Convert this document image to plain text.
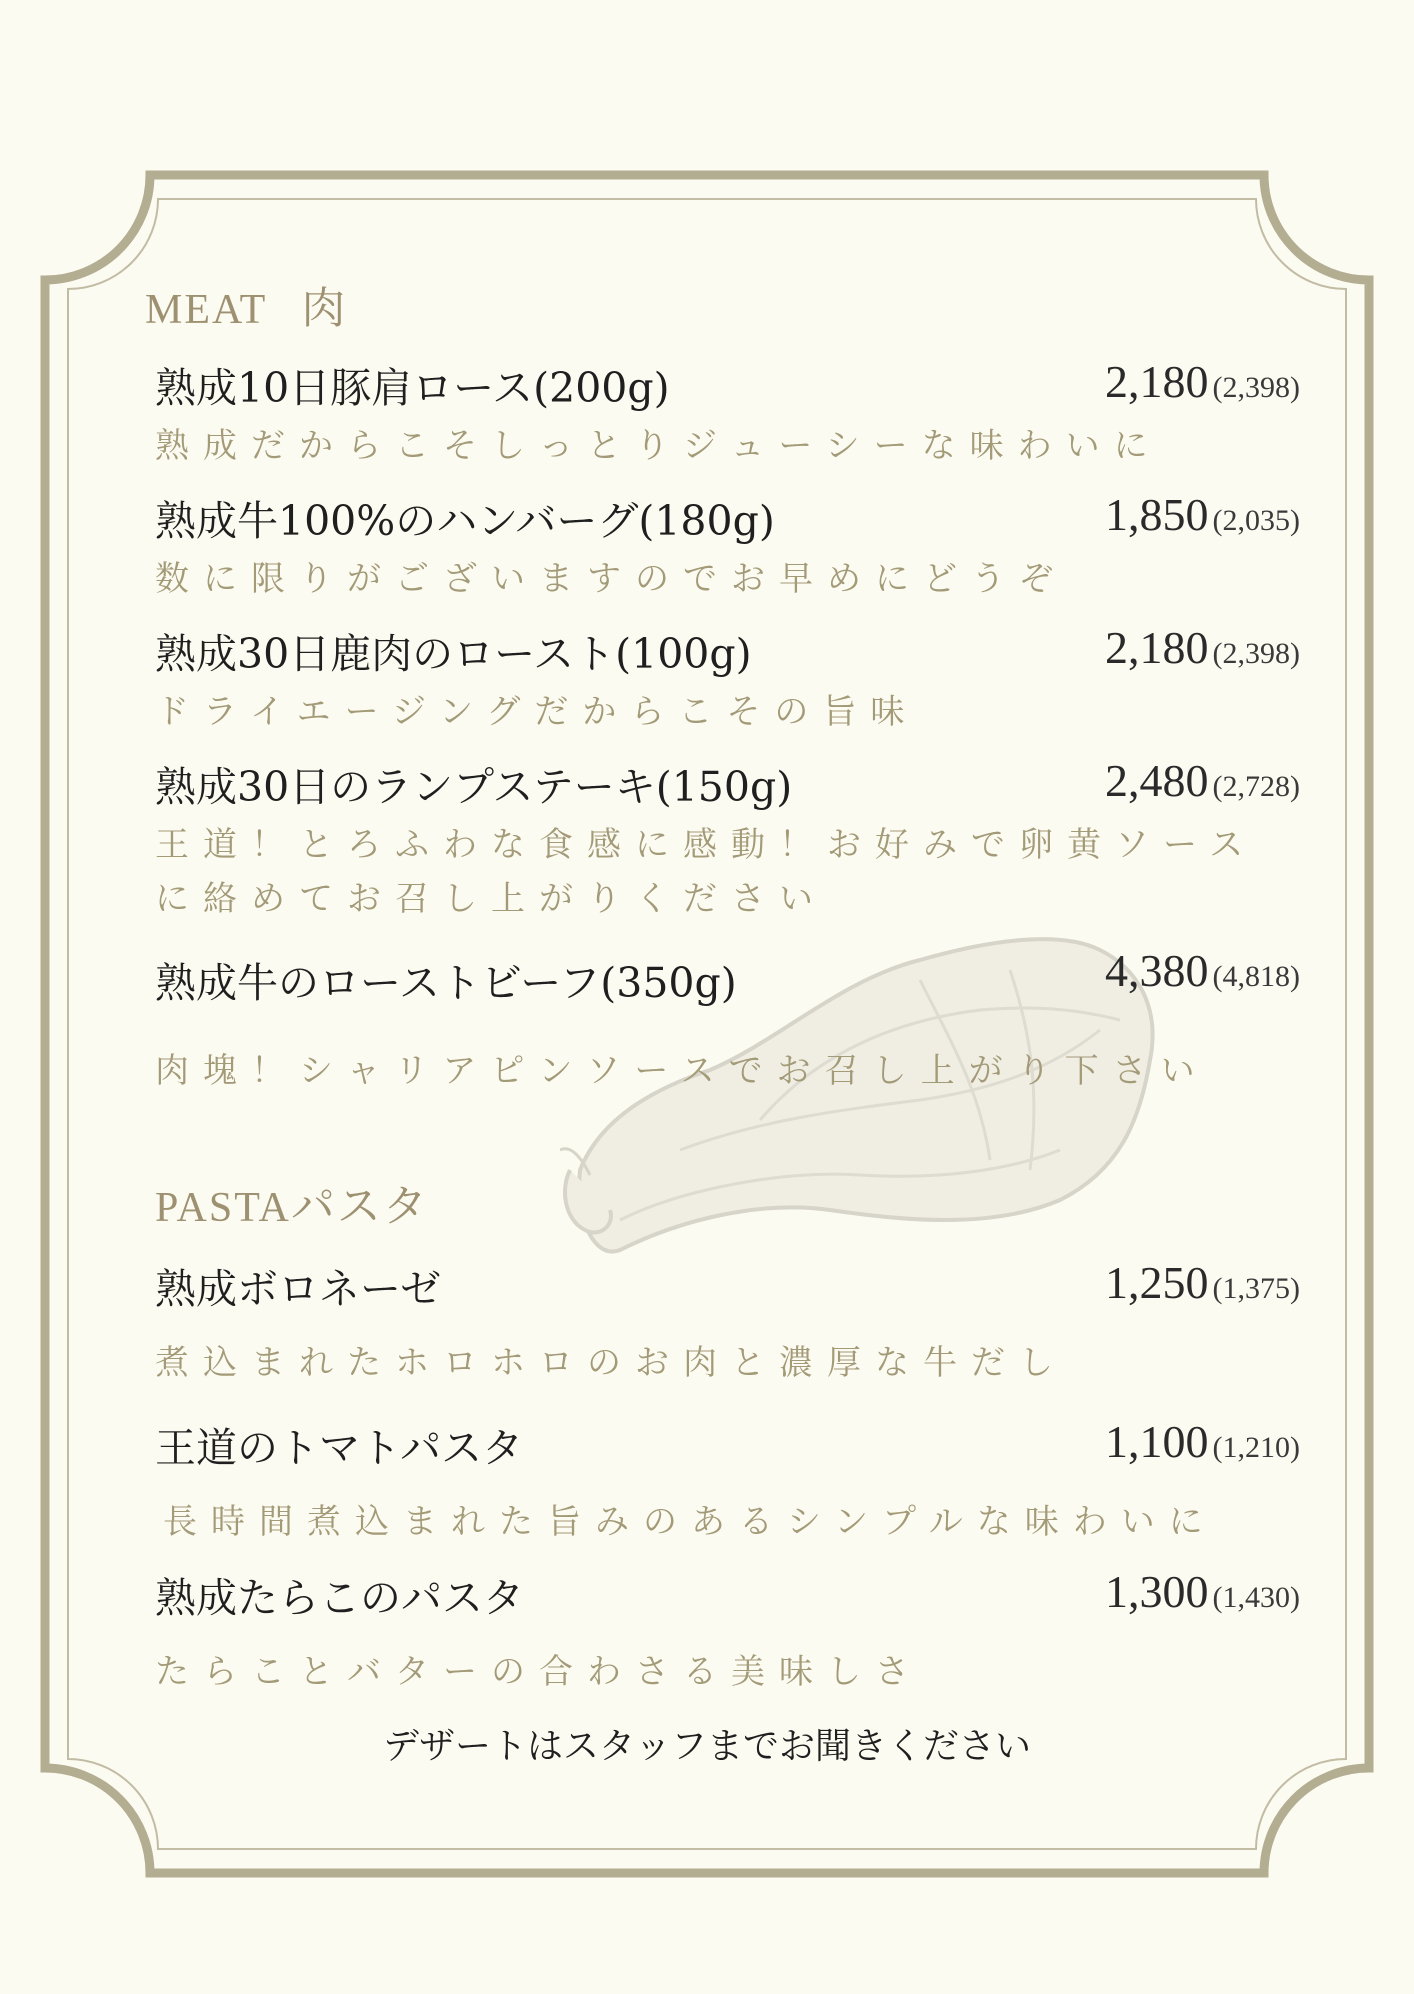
MEAT 肉
熟成10日豚肩ロース(200g)	2,180 (2,398)
熟成だからこそしっとりジューシーな味わいに
熟成牛100%のハンバーグ(180g)	1,850 (2,035)
数に限りがございますのでお早めにどうぞ
熟成30日鹿肉のロースト(100g)	2,180 (2,398)
ドライエージングだからこその旨味
熟成30日のランプステーキ(150g)	2,480 (2,728)
王道！とろふわな食感に感動！お好みで卵黄ソースに絡めてお召し上がりください
熟成牛のローストビーフ(350g)	4,380 (4,818)
肉塊！シャリアピンソースでお召し上がり下さい
PASTAパスタ
熟成ボロネーゼ	1,250 (1,375)
煮込まれたホロホロのお肉と濃厚な牛だし
王道のトマトパスタ	1,100 (1,210)
長時間煮込まれた旨みのあるシンプルな味わいに
熟成たらこのパスタ	1,300 (1,430)
たらことバターの合わさる美味しさ
デザートはスタッフまでお聞きください
